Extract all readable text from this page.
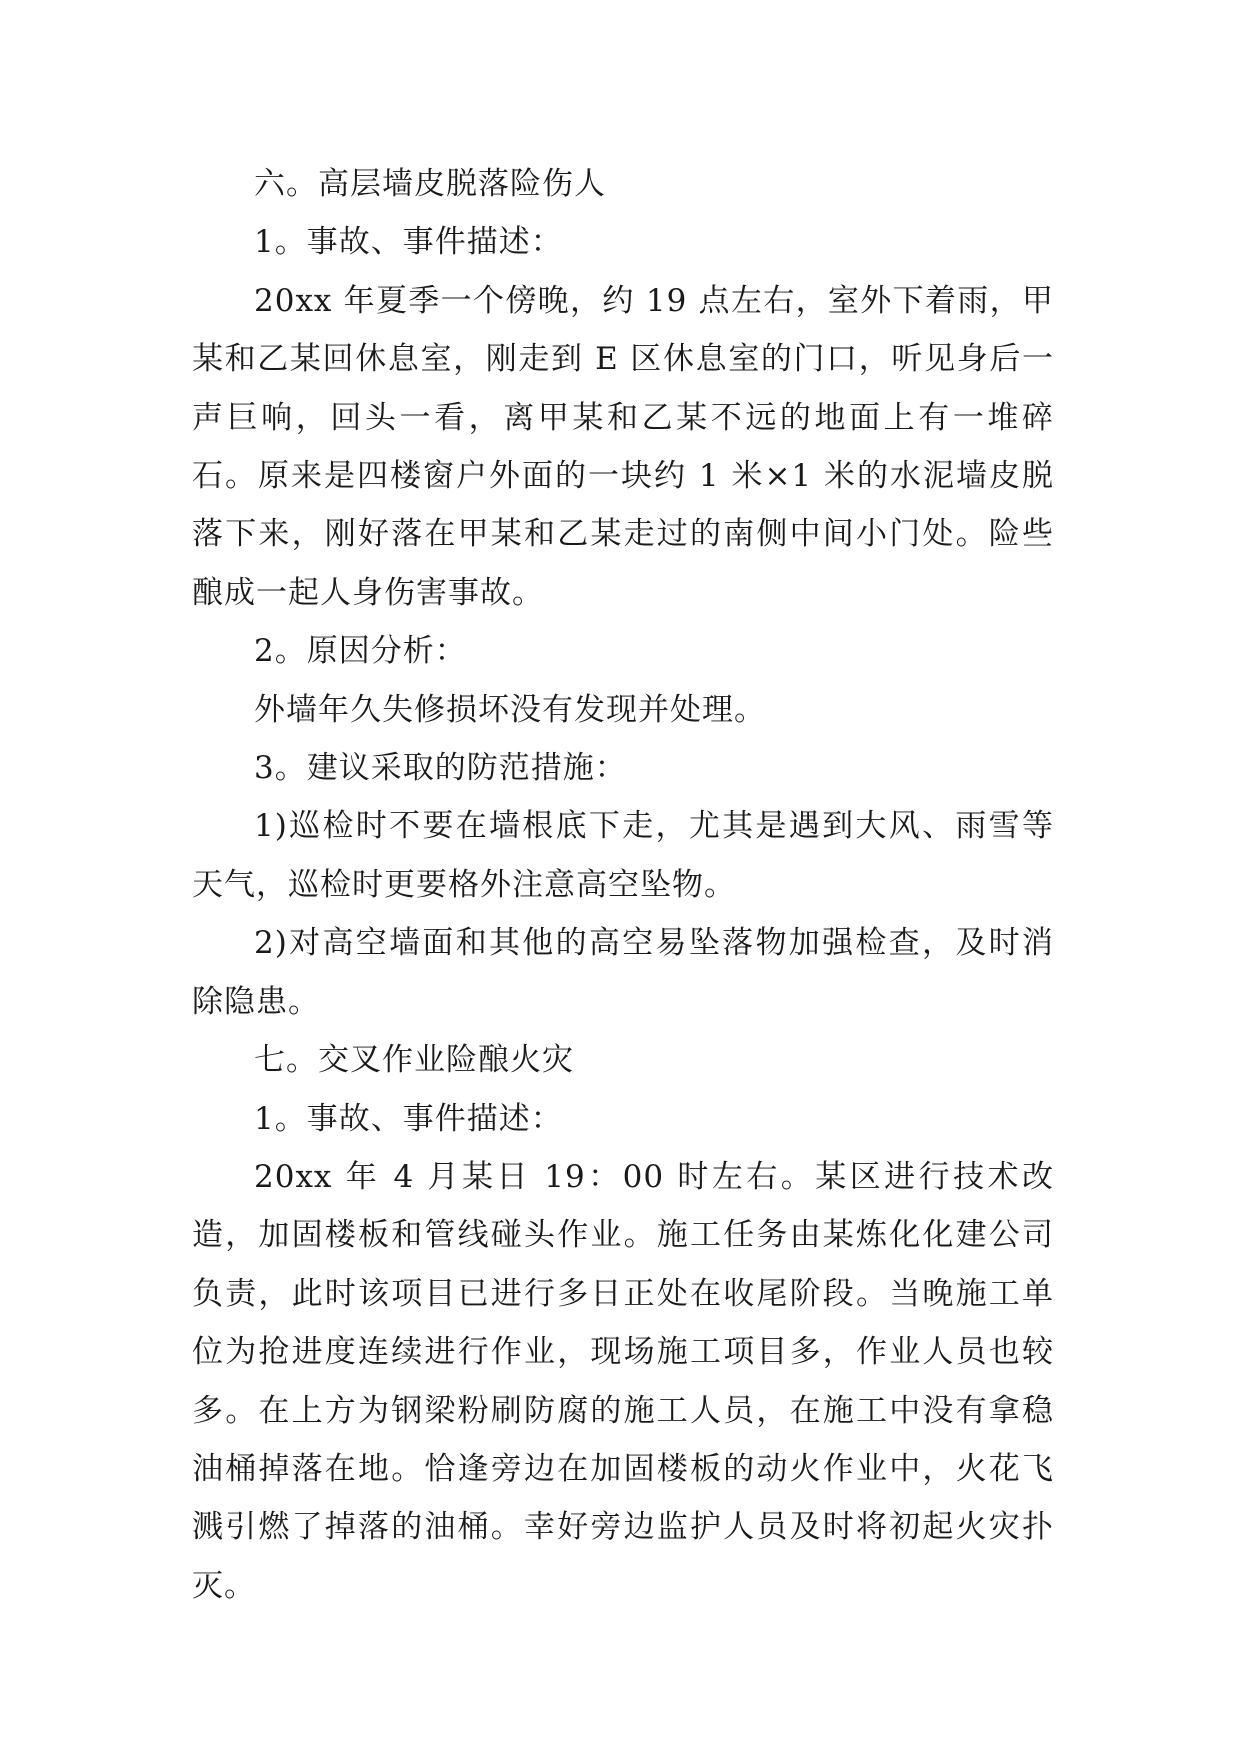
六。高层墙皮脱落险伤人

1。事故、事件描述：

20xx 年夏季一个傍晚，约 19 点左右，室外下着雨，甲某和乙某回休息室，刚走到 E 区休息室的门口，听见身后一声巨响，回头一看，离甲某和乙某不远的地面上有一堆碎石。原来是四楼窗户外面的一块约 1 米×1 米的水泥墙皮脱落下来，刚好落在甲某和乙某走过的南侧中间小门处。险些酿成一起人身伤害事故。

2。原因分析：

外墙年久失修损坏没有发现并处理。

3。建议采取的防范措施：

1)巡检时不要在墙根底下走，尤其是遇到大风、雨雪等天气，巡检时更要格外注意高空坠物。

2)对高空墙面和其他的高空易坠落物加强检查，及时消除隐患。

七。交叉作业险酿火灾

1。事故、事件描述：

20xx 年 4 月某日 19：00 时左右。某区进行技术改造，加固楼板和管线碰头作业。施工任务由某炼化化建公司负责，此时该项目已进行多日正处在收尾阶段。当晚施工单位为抢进度连续进行作业，现场施工项目多，作业人员也较多。在上方为钢梁粉刷防腐的施工人员，在施工中没有拿稳油桶掉落在地。恰逢旁边在加固楼板的动火作业中，火花飞溅引燃了掉落的油桶。幸好旁边监护人员及时将初起火灾扑灭。
